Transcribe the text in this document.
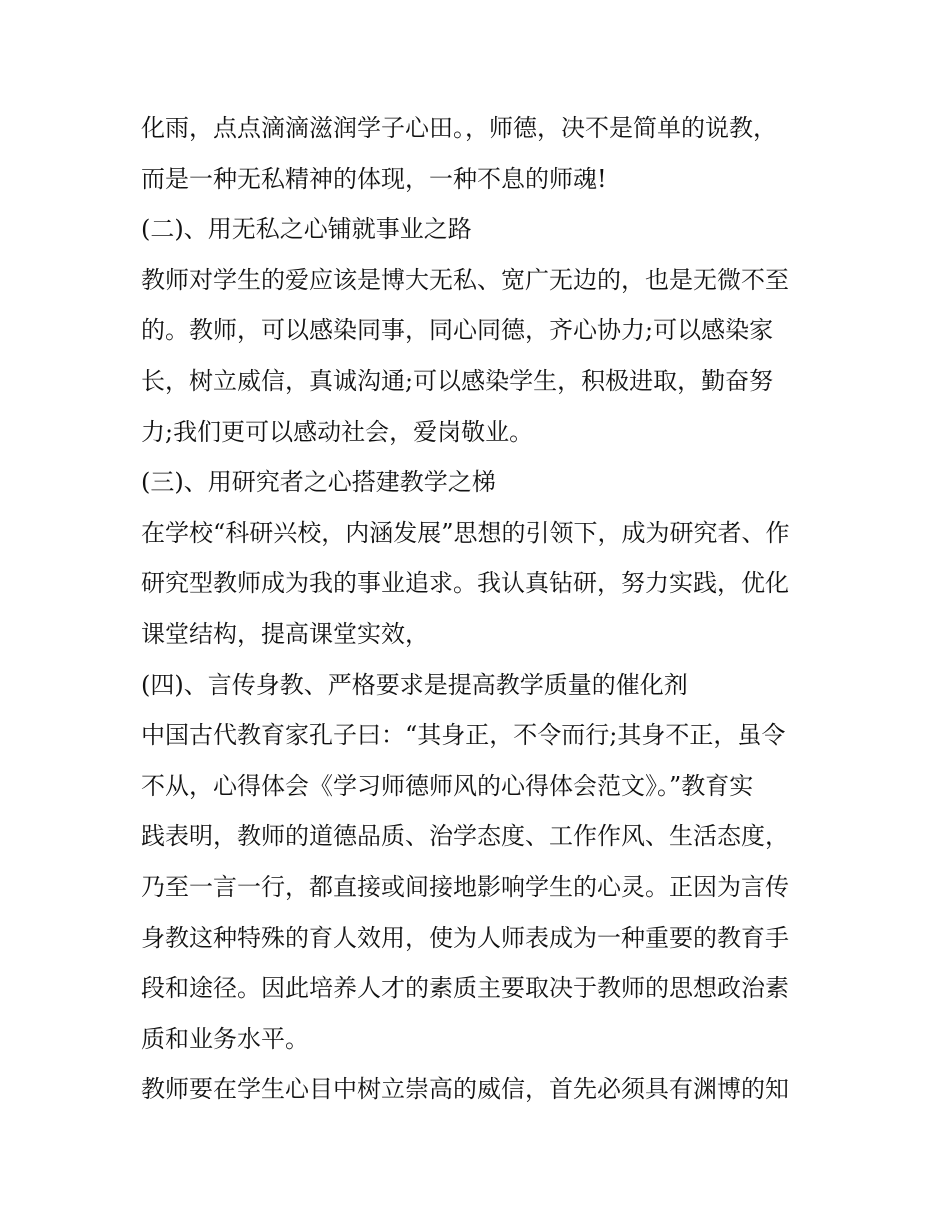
化雨，点点滴滴滋润学子心田。，师德，决不是简单的说教，
而是一种无私精神的体现，一种不息的师魂!
(二)、用无私之心铺就事业之路
教师对学生的爱应该是博大无私、宽广无边的，也是无微不至
的。教师，可以感染同事，同心同德，齐心协力;可以感染家
长，树立威信，真诚沟通;可以感染学生，积极进取，勤奋努
力;我们更可以感动社会，爱岗敬业。
(三)、用研究者之心搭建教学之梯
在学校“科研兴校，内涵发展”思想的引领下，成为研究者、作
研究型教师成为我的事业追求。我认真钻研，努力实践，优化
课堂结构，提高课堂实效，
(四)、言传身教、严格要求是提高教学质量的催化剂
中国古代教育家孔子曰：“其身正，不令而行;其身不正，虽令
不从，心得体会《学习师德师风的心得体会范文》。”教育实
践表明，教师的道德品质、治学态度、工作作风、生活态度，
乃至一言一行，都直接或间接地影响学生的心灵。正因为言传
身教这种特殊的育人效用，使为人师表成为一种重要的教育手
段和途径。因此培养人才的素质主要取决于教师的思想政治素
质和业务水平。
教师要在学生心目中树立崇高的威信，首先必须具有渊博的知
